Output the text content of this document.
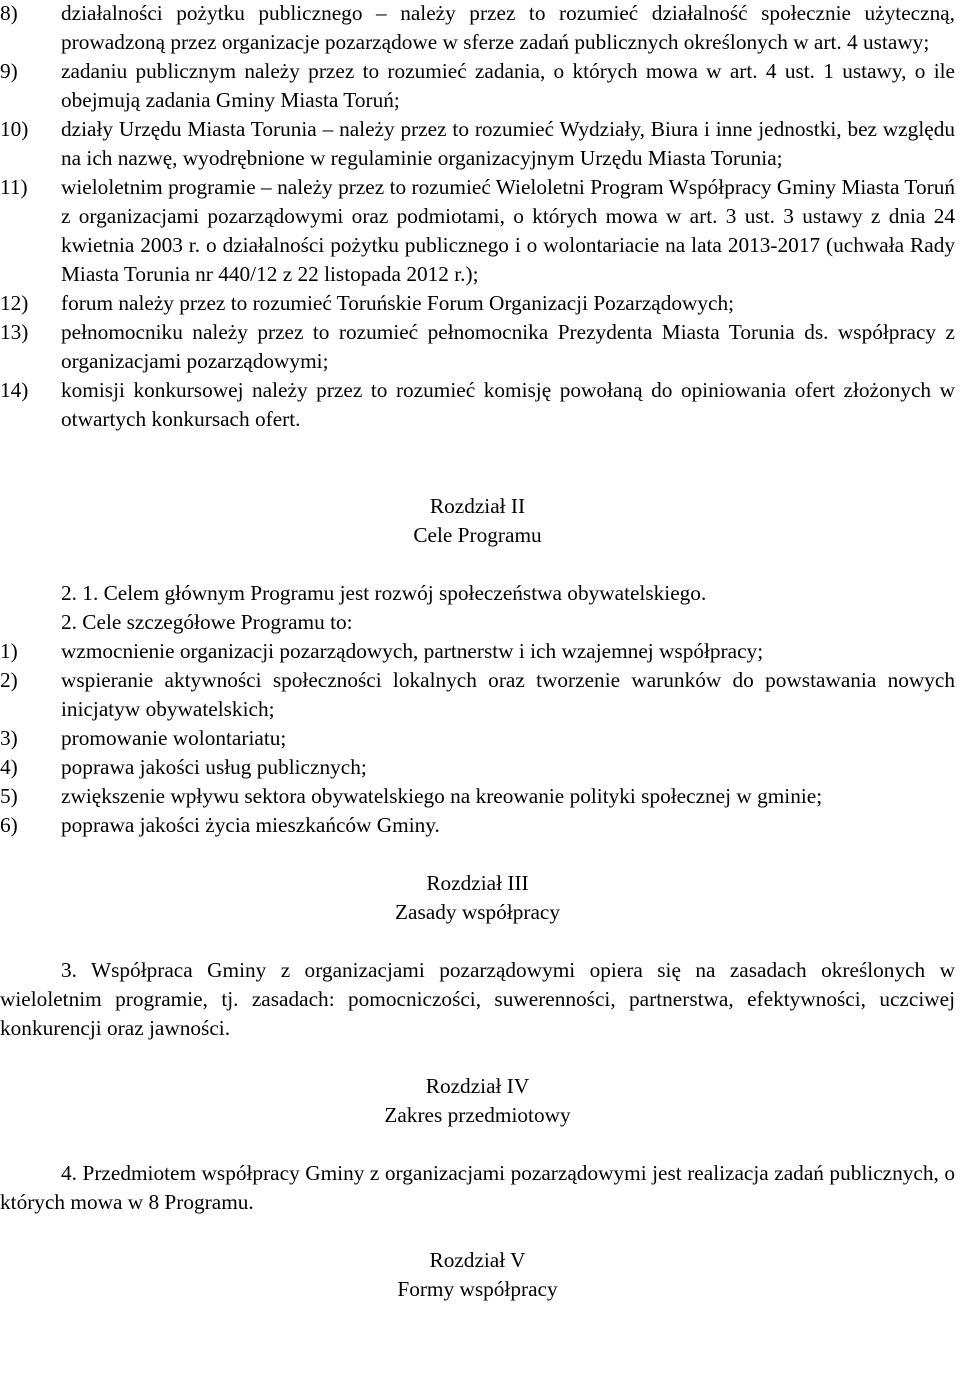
8)	działalności pożytku publicznego – należy przez to rozumieć działalność społecznie użyteczną, prowadzoną przez organizacje pozarządowe w sferze zadań publicznych określonych w art. 4 ustawy;
9)	zadaniu publicznym należy przez to rozumieć zadania, o których mowa w art. 4 ust. 1 ustawy, o ile obejmują zadania Gminy Miasta Toruń;
10)	działy Urzędu Miasta Torunia – należy przez to rozumieć Wydziały, Biura i inne jednostki, bez względu na ich nazwę, wyodrębnione w regulaminie organizacyjnym Urzędu Miasta Torunia;
11)	wieloletnim programie – należy przez to rozumieć Wieloletni Program Współpracy Gminy Miasta Toruń z organizacjami pozarządowymi oraz podmiotami, o których mowa w art. 3 ust. 3 ustawy z dnia 24 kwietnia 2003 r. o działalności pożytku publicznego i o wolontariacie na lata 2013-2017 (uchwała Rady Miasta Torunia nr 440/12 z 22 listopada 2012 r.);
12)	forum należy przez to rozumieć Toruńskie Forum Organizacji Pozarządowych;
13)	pełnomocniku należy przez to rozumieć pełnomocnika Prezydenta Miasta Torunia ds. współpracy z organizacjami pozarządowymi;
14)	komisji konkursowej należy przez to rozumieć komisję powołaną do opiniowania ofert złożonych w otwartych konkursach ofert.
Rozdział II
Cele Programu
2. 1. Celem głównym Programu jest rozwój społeczeństwa obywatelskiego.
2. Cele szczegółowe Programu to:
1)	wzmocnienie organizacji pozarządowych, partnerstw i ich wzajemnej współpracy;
2)	wspieranie aktywności społeczności lokalnych oraz tworzenie warunków do powstawania nowych inicjatyw obywatelskich;
3)	promowanie wolontariatu;
4)	poprawa jakości usług publicznych;
5)	zwiększenie wpływu sektora obywatelskiego na kreowanie polityki społecznej w gminie;
6)	poprawa jakości życia mieszkańców Gminy.
Rozdział III
Zasady współpracy
3. Współpraca Gminy z organizacjami pozarządowymi opiera się na zasadach określonych w wieloletnim programie, tj. zasadach: pomocniczości, suwerenności, partnerstwa, efektywności, uczciwej konkurencji oraz jawności.
Rozdział IV
Zakres przedmiotowy
4. Przedmiotem współpracy Gminy z organizacjami pozarządowymi jest realizacja zadań publicznych, o których mowa w 8 Programu.
Rozdział V
Formy współpracy
